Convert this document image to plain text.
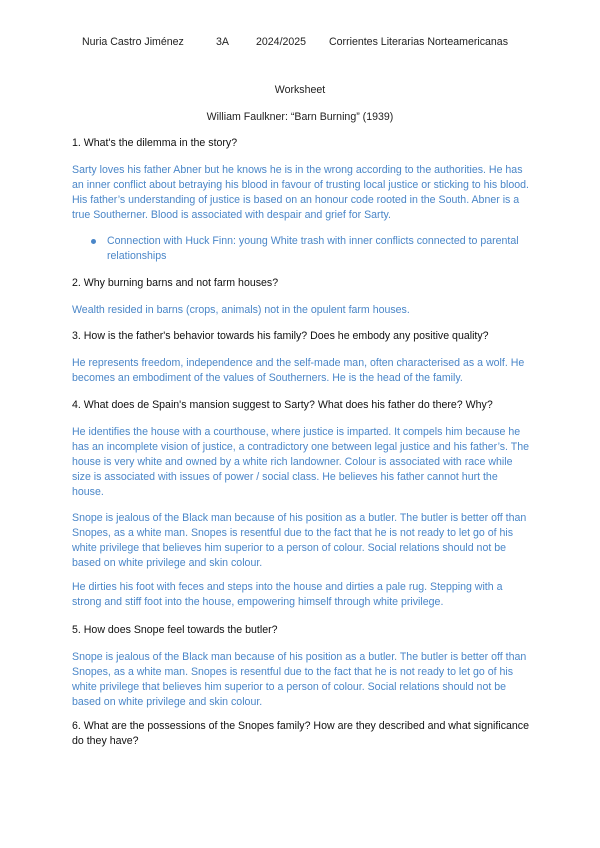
Nuria Castro Jiménez	3A	2024/2025 Corrientes Literarias Norteamericanas
Worksheet
William Faulkner: “Barn Burning” (1939)

1. What's the dilemma in the story?

Sarty loves his father Abner but he knows he is in the wrong according to the authorities. He has an inner conflict about betraying his blood in favour of trusting local justice or sticking to his blood. His father’s understanding of justice is based on an honour code rooted in the South. Abner is a true Southerner. Blood is associated with despair and grief for Sarty.

Connection with Huck Finn: young White trash with inner conflicts connected to parental relationships

2. Why burning barns and not farm houses?

Wealth resided in barns (crops, animals) not in the opulent farm houses.

3. How is the father's behavior towards his family? Does he embody any positive quality?

He represents freedom, independence and the self-made man, often characterised as a wolf. He becomes an embodiment of the values of Southerners. He is the head of the family.

4. What does de Spain's mansion suggest to Sarty? What does his father do there? Why?

He identifies the house with a courthouse, where justice is imparted. It compels him because he has an incomplete vision of justice, a contradictory one between legal justice and his father’s. The house is very white and owned by a white rich landowner. Colour is associated with race while size is associated with issues of power / social class. He believes his father cannot hurt the house.

Snope is jealous of the Black man because of his position as a butler. The butler is better off than Snopes, as a white man. Snopes is resentful due to the fact that he is not ready to let go of his white privilege that believes him superior to a person of colour. Social relations should not be based on white privilege and skin colour.

He dirties his foot with feces and steps into the house and dirties a pale rug. Stepping with a strong and stiff foot into the house, empowering himself through white privilege.

5. How does Snope feel towards the butler?

Snope is jealous of the Black man because of his position as a butler. The butler is better off than Snopes, as a white man. Snopes is resentful due to the fact that he is not ready to let go of his white privilege that believes him superior to a person of colour. Social relations should not be based on white privilege and skin colour.

6. What are the possessions of the Snopes family? How are they described and what significance do they have?
